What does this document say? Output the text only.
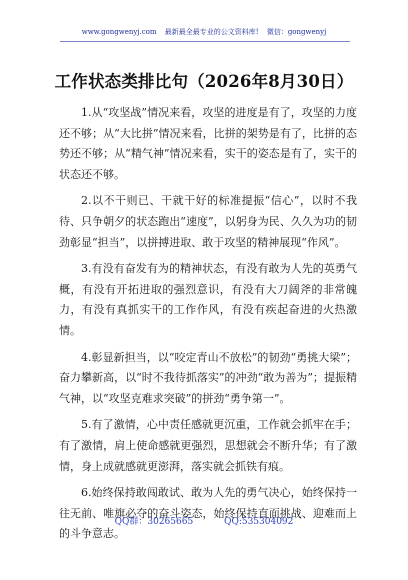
www.gongwenyj.com 最新最全最专业的公文资料库! 微信：gongwenyj
工作状态类排比句（2026年8月30日）

1.从“攻坚战”情况来看，攻坚的进度是有了，攻坚的力度还不够；从“大比拼”情况来看，比拼的架势是有了，比拼的态势还不够；从“精气神”情况来看，实干的姿态是有了，实干的状态还不够。

2.以不干则已、干就干好的标准提振“信心”，以时不我待、只争朝夕的状态跑出“速度”，以躬身为民、久久为功的韧劲彰显“担当”，以拼搏进取、敢于攻坚的精神展现“作风”。

3.有没有奋发有为的精神状态，有没有敢为人先的英勇气概，有没有开拓进取的强烈意识，有没有大刀阔斧的非常魄力，有没有真抓实干的工作作风，有没有疾起奋进的火热激情。

4.彰显新担当，以“咬定青山不放松”的韧劲“勇挑大梁”；奋力攀新高，以“时不我待抓落实”的冲劲“敢为善为”；提振精气神，以“攻坚克难求突破”的拼劲“勇争第一”。

5.有了激情，心中责任感就更沉重，工作就会抓牢在手；有了激情，肩上使命感就更强烈，思想就会不断升华；有了激情，身上成就感就更澎湃，落实就会抓铁有痕。

6.始终保持敢闯敢试、敢为人先的勇气决心，始终保持一往无前、唯旗必夺的奋斗姿态，始终保持直面挑战、迎难而上的斗争意志。

QQ群：30265665	QQ:535304092
